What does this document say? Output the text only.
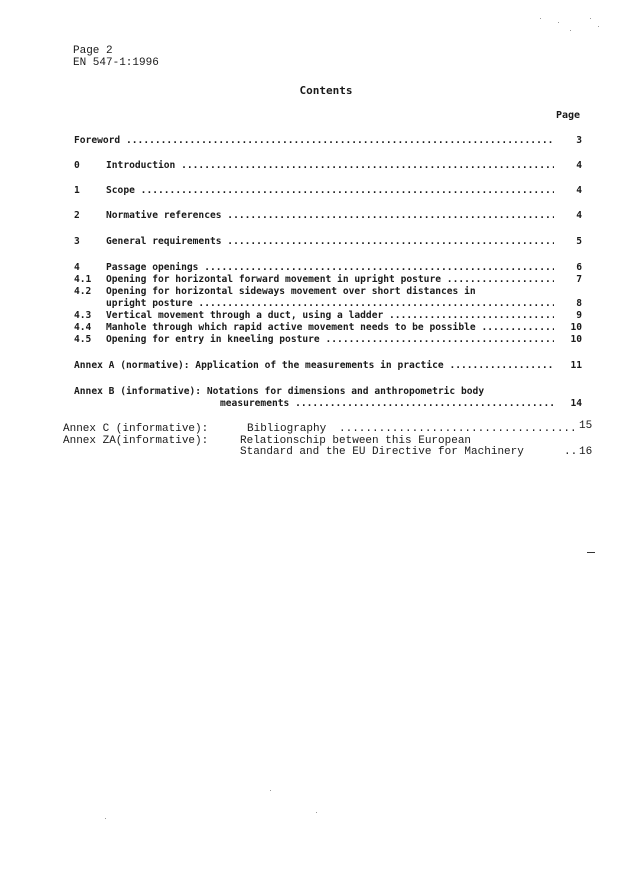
Page 2
EN 547-1:1996
Contents
Page
Foreword .....	3
0	Introduction .....	4
1	Scope .....	4
2	Normative references .....	4
3	General requirements .....	5
4	Passage openings .....	6
4.1	Opening for horizontal forward movement in upright posture .....	7
4.2	Opening for horizontal sideways movement over short distances in
upright posture .....	8
4.3	Vertical movement through a duct, using a ladder .....	9
4.4	Manhole through which rapid active movement needs to be possible .....	10
4.5	Opening for entry in kneeling posture .....	10
Annex A (normative): Application of the measurements in practice .....	11
Annex B (informative): Notations for dimensions and anthropometric body
measurements .....	14
Annex C (informative):	Bibliography .....	15
Annex ZA(informative):	Relationschip between this European
Standard and the EU Directive for Machinery .....	16
